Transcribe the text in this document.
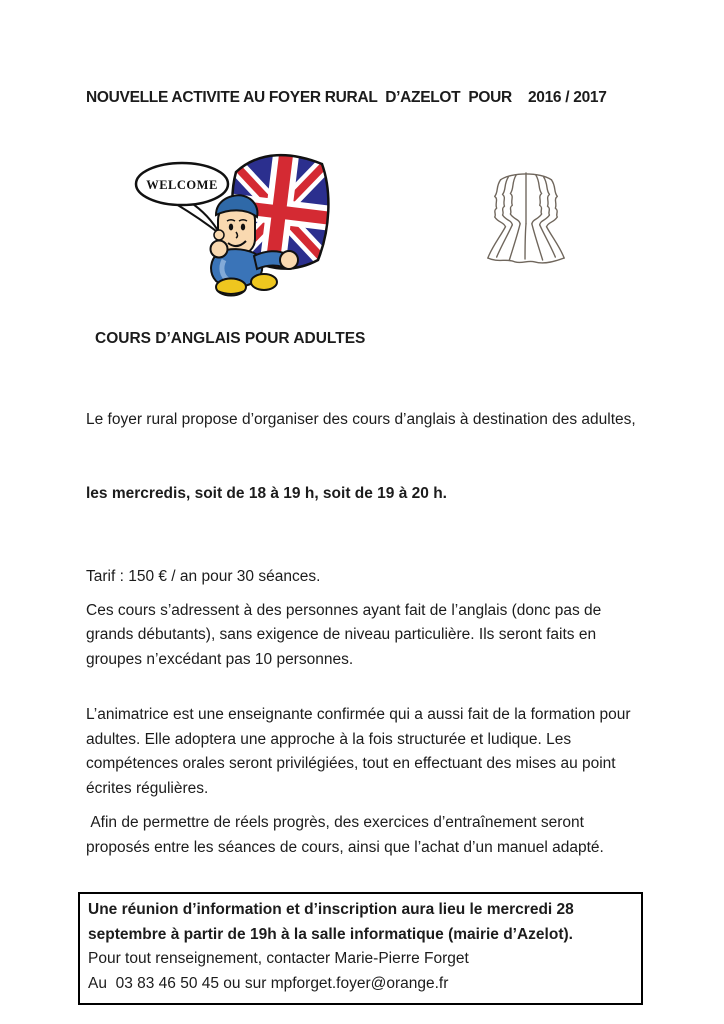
NOUVELLE ACTIVITE AU FOYER RURAL  D’AZELOT  POUR    2016 / 2017
WELCOME
COURS D’ANGLAIS POUR ADULTES

Le foyer rural propose d’organiser des cours d’anglais à destination des adultes,

les mercredis, soit de 18 à 19 h, soit de 19 à 20 h.

Tarif : 150 € / an pour 30 séances.

Ces cours s’adressent à des personnes ayant fait de l’anglais (donc pas de grands débutants), sans exigence de niveau particulière. Ils seront faits en groupes n’excédant pas 10 personnes.

L’animatrice est une enseignante confirmée qui a aussi fait de la formation pour adultes. Elle adoptera une approche à la fois structurée et ludique. Les compétences orales seront privilégiées, tout en effectuant des mises au point écrites régulières.

Afin de permettre de réels progrès, des exercices d’entraînement seront proposés entre les séances de cours, ainsi que l’achat d’un manuel adapté.

Une réunion d’information et d’inscription aura lieu le mercredi 28 septembre à partir de 19h à la salle informatique (mairie d’Azelot).
Pour tout renseignement, contacter Marie-Pierre Forget
Au  03 83 46 50 45 ou sur mpforget.foyer@orange.fr
